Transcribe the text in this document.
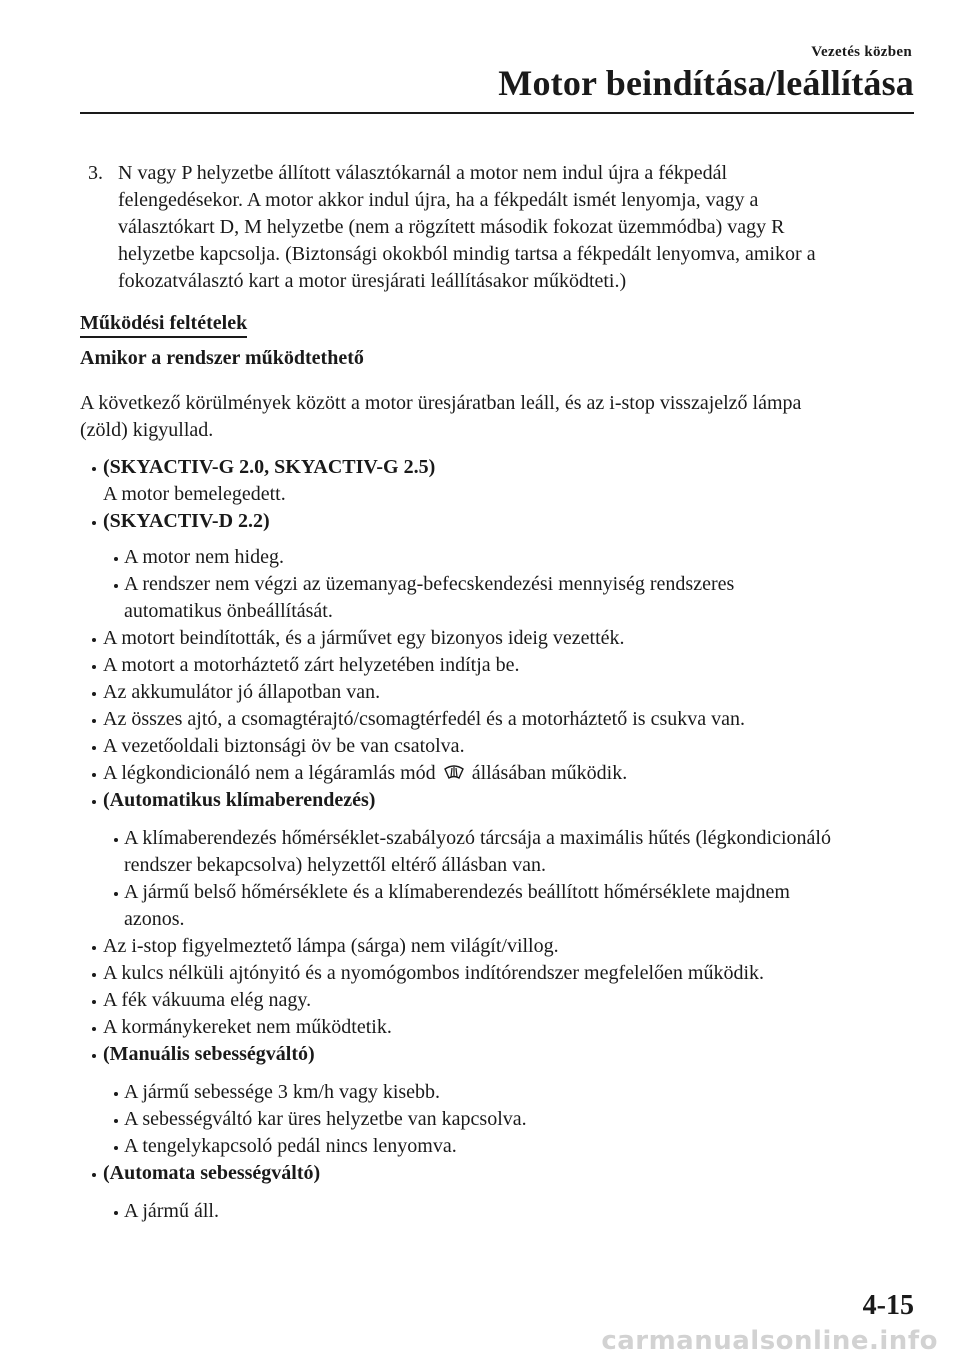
Vezetés közben
Motor beindítása/leállítása
3. N vagy P helyzetbe állított választókarnál a motor nem indul újra a fékpedál
felengedésekor. A motor akkor indul újra, ha a fékpedált ismét lenyomja, vagy a
választókart D, M helyzetbe (nem a rögzített második fokozat üzemmódba) vagy R
helyzetbe kapcsolja. (Biztonsági okokból mindig tartsa a fékpedált lenyomva, amikor a
fokozatválasztó kart a motor üresjárati leállításakor működteti.)
Működési feltételek
Amikor a rendszer működtethető
A következő körülmények között a motor üresjáratban leáll, és az i-stop visszajelző lámpa
(zöld) kigyullad.
(SKYACTIV-G 2.0, SKYACTIV-G 2.5)
A motor bemelegedett.
(SKYACTIV-D 2.2)
A motor nem hideg.
A rendszer nem végzi az üzemanyag-befecskendezési mennyiség rendszeres
automatikus önbeállítását.
A motort beindították, és a járművet egy bizonyos ideig vezették.
A motort a motorháztető zárt helyzetében indítja be.
Az akkumulátor jó állapotban van.
Az összes ajtó, a csomagtérajtó/csomagtérfedél és a motorháztető is csukva van.
A vezetőoldali biztonsági öv be van csatolva.
A légkondicionáló nem a légáramlás mód állásában működik.
(Automatikus klímaberendezés)
A klímaberendezés hőmérséklet-szabályozó tárcsája a maximális hűtés (légkondicionáló
rendszer bekapcsolva) helyzettől eltérő állásban van.
A jármű belső hőmérséklete és a klímaberendezés beállított hőmérséklete majdnem
azonos.
Az i-stop figyelmeztető lámpa (sárga) nem világít/villog.
A kulcs nélküli ajtónyitó és a nyomógombos indítórendszer megfelelően működik.
A fék vákuuma elég nagy.
A kormánykereket nem működtetik.
(Manuális sebességváltó)
A jármű sebessége 3 km/h vagy kisebb.
A sebességváltó kar üres helyzetbe van kapcsolva.
A tengelykapcsoló pedál nincs lenyomva.
(Automata sebességváltó)
A jármű áll.
4-15
carmanualsonline.info
